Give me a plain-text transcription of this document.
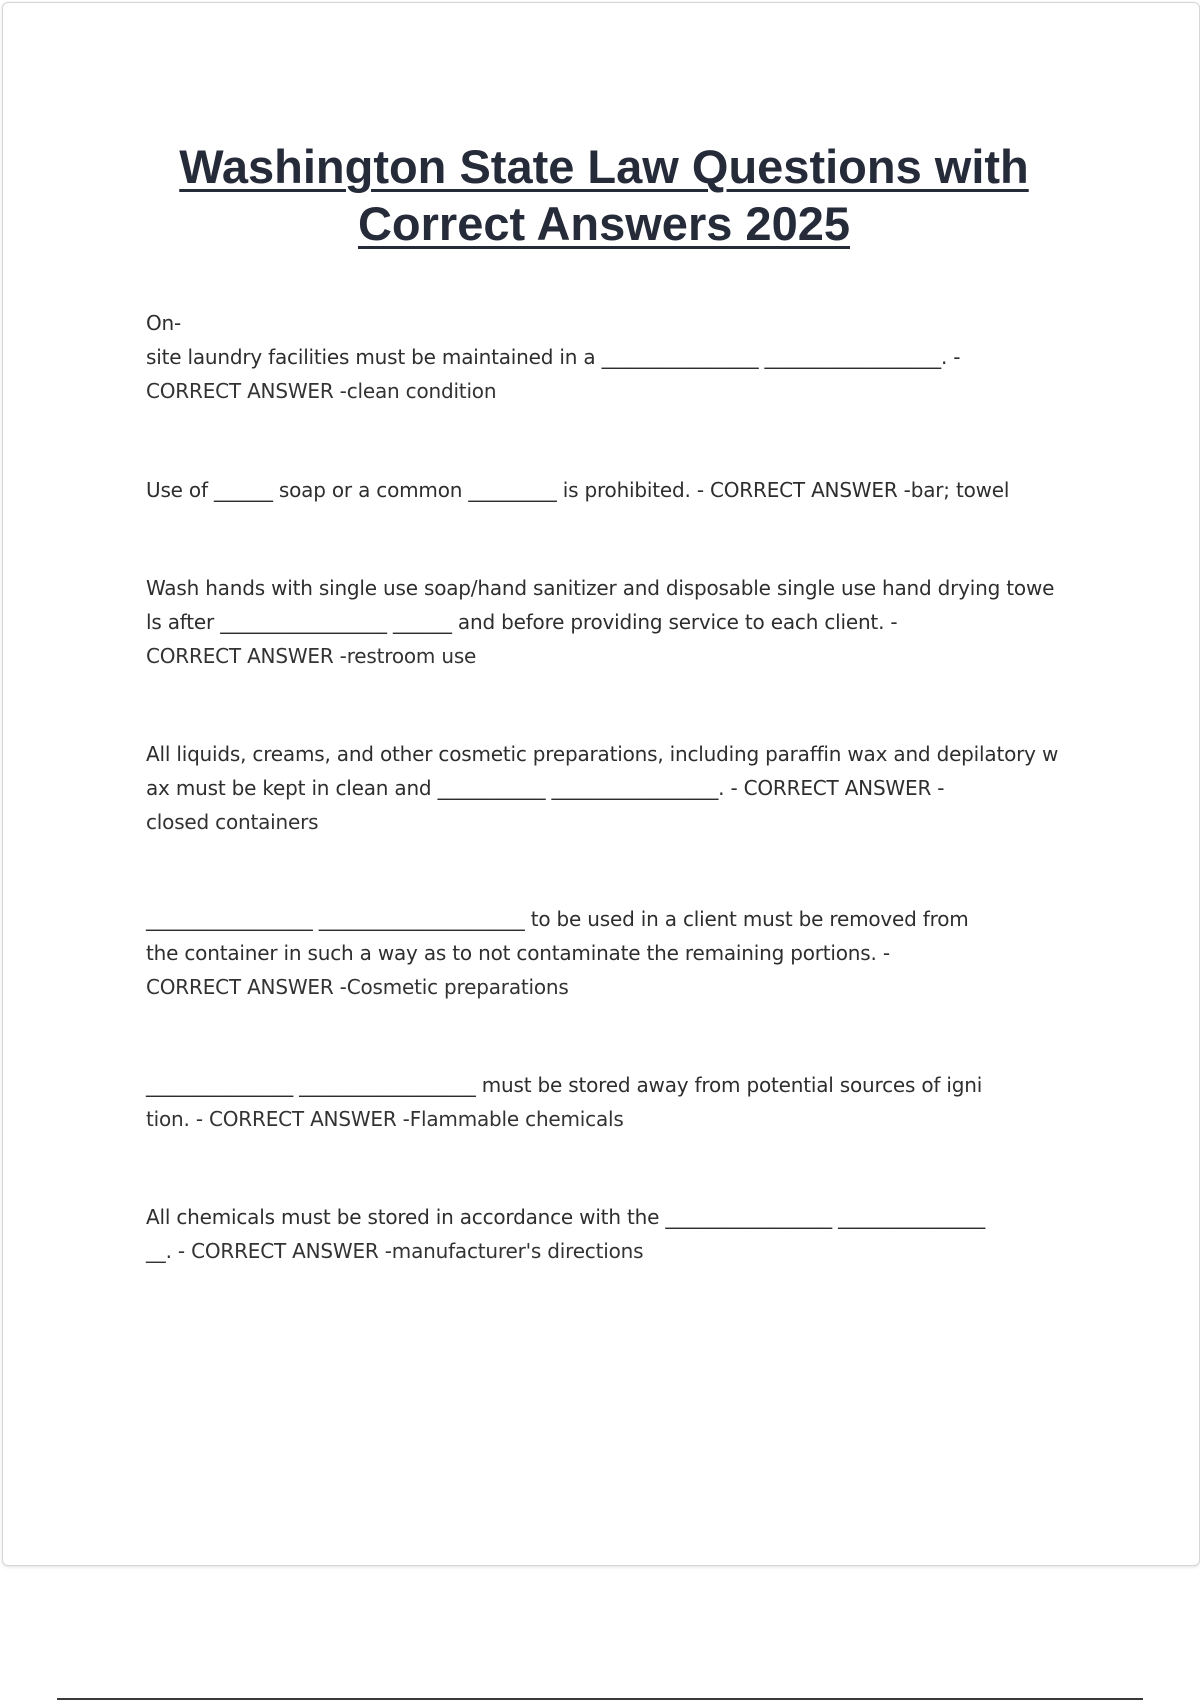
Washington State Law Questions with
Correct Answers 2025
On-
site laundry facilities must be maintained in a ________________ __________________. -
CORRECT ANSWER -clean condition
Use of ______ soap or a common _________ is prohibited. - CORRECT ANSWER -bar; towel
Wash hands with single use soap/hand sanitizer and disposable single use hand drying towe
ls after _________________ ______ and before providing service to each client. -
CORRECT ANSWER -restroom use
All liquids, creams, and other cosmetic preparations, including paraffin wax and depilatory w
ax must be kept in clean and ___________ _________________. - CORRECT ANSWER -
closed containers
_________________ _____________________ to be used in a client must be removed from
the container in such a way as to not contaminate the remaining portions. -
CORRECT ANSWER -Cosmetic preparations
_______________ __________________ must be stored away from potential sources of igni
tion. - CORRECT ANSWER -Flammable chemicals
All chemicals must be stored in accordance with the _________________ _______________
__. - CORRECT ANSWER -manufacturer's directions
